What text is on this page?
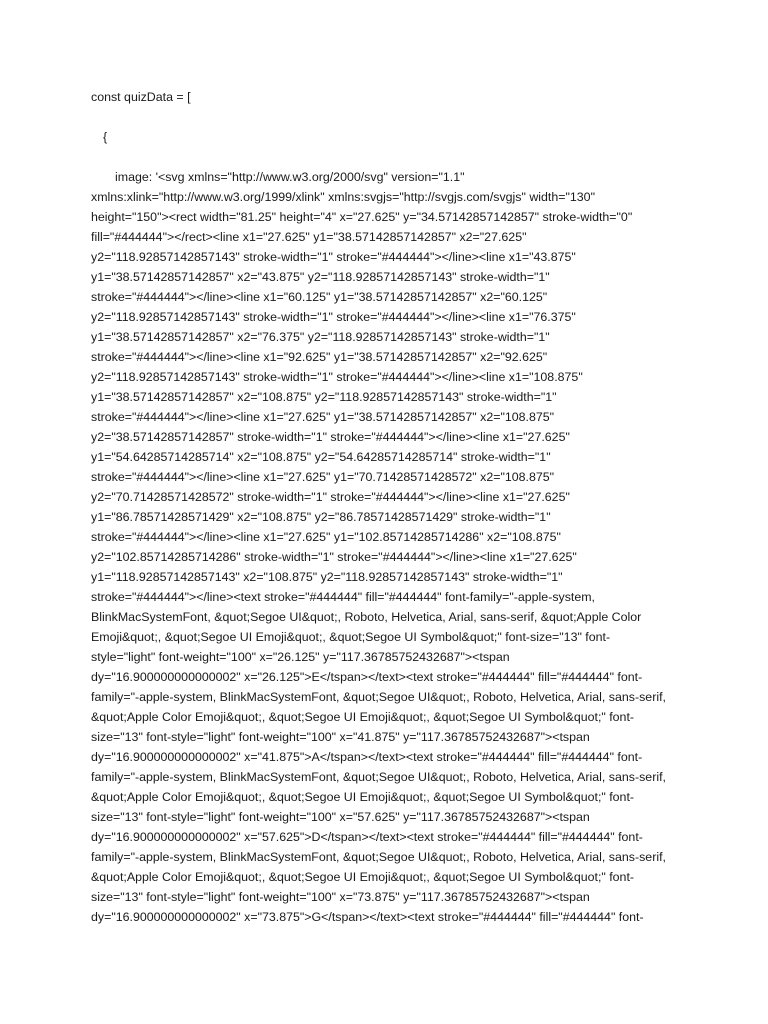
const quizData = [
{
image: '<svg xmlns="http://www.w3.org/2000/svg" version="1.1"
xmlns:xlink="http://www.w3.org/1999/xlink" xmlns:svgjs="http://svgjs.com/svgjs" width="130"
height="150"><rect width="81.25" height="4" x="27.625" y="34.57142857142857" stroke-width="0"
fill="#444444"></rect><line x1="27.625" y1="38.57142857142857" x2="27.625"
y2="118.92857142857143" stroke-width="1" stroke="#444444"></line><line x1="43.875"
y1="38.57142857142857" x2="43.875" y2="118.92857142857143" stroke-width="1"
stroke="#444444"></line><line x1="60.125" y1="38.57142857142857" x2="60.125"
y2="118.92857142857143" stroke-width="1" stroke="#444444"></line><line x1="76.375"
y1="38.57142857142857" x2="76.375" y2="118.92857142857143" stroke-width="1"
stroke="#444444"></line><line x1="92.625" y1="38.57142857142857" x2="92.625"
y2="118.92857142857143" stroke-width="1" stroke="#444444"></line><line x1="108.875"
y1="38.57142857142857" x2="108.875" y2="118.92857142857143" stroke-width="1"
stroke="#444444"></line><line x1="27.625" y1="38.57142857142857" x2="108.875"
y2="38.57142857142857" stroke-width="1" stroke="#444444"></line><line x1="27.625"
y1="54.64285714285714" x2="108.875" y2="54.64285714285714" stroke-width="1"
stroke="#444444"></line><line x1="27.625" y1="70.71428571428572" x2="108.875"
y2="70.71428571428572" stroke-width="1" stroke="#444444"></line><line x1="27.625"
y1="86.78571428571429" x2="108.875" y2="86.78571428571429" stroke-width="1"
stroke="#444444"></line><line x1="27.625" y1="102.85714285714286" x2="108.875"
y2="102.85714285714286" stroke-width="1" stroke="#444444"></line><line x1="27.625"
y1="118.92857142857143" x2="108.875" y2="118.92857142857143" stroke-width="1"
stroke="#444444"></line><text stroke="#444444" fill="#444444" font-family="-apple-system,
BlinkMacSystemFont, &quot;Segoe UI&quot;, Roboto, Helvetica, Arial, sans-serif, &quot;Apple Color
Emoji&quot;, &quot;Segoe UI Emoji&quot;, &quot;Segoe UI Symbol&quot;" font-size="13" font-
style="light" font-weight="100" x="26.125" y="117.36785752432687"><tspan
dy="16.900000000000002" x="26.125">E</tspan></text><text stroke="#444444" fill="#444444" font-
family="-apple-system, BlinkMacSystemFont, &quot;Segoe UI&quot;, Roboto, Helvetica, Arial, sans-serif,
&quot;Apple Color Emoji&quot;, &quot;Segoe UI Emoji&quot;, &quot;Segoe UI Symbol&quot;" font-
size="13" font-style="light" font-weight="100" x="41.875" y="117.36785752432687"><tspan
dy="16.900000000000002" x="41.875">A</tspan></text><text stroke="#444444" fill="#444444" font-
family="-apple-system, BlinkMacSystemFont, &quot;Segoe UI&quot;, Roboto, Helvetica, Arial, sans-serif,
&quot;Apple Color Emoji&quot;, &quot;Segoe UI Emoji&quot;, &quot;Segoe UI Symbol&quot;" font-
size="13" font-style="light" font-weight="100" x="57.625" y="117.36785752432687"><tspan
dy="16.900000000000002" x="57.625">D</tspan></text><text stroke="#444444" fill="#444444" font-
family="-apple-system, BlinkMacSystemFont, &quot;Segoe UI&quot;, Roboto, Helvetica, Arial, sans-serif,
&quot;Apple Color Emoji&quot;, &quot;Segoe UI Emoji&quot;, &quot;Segoe UI Symbol&quot;" font-
size="13" font-style="light" font-weight="100" x="73.875" y="117.36785752432687"><tspan
dy="16.900000000000002" x="73.875">G</tspan></text><text stroke="#444444" fill="#444444" font-
